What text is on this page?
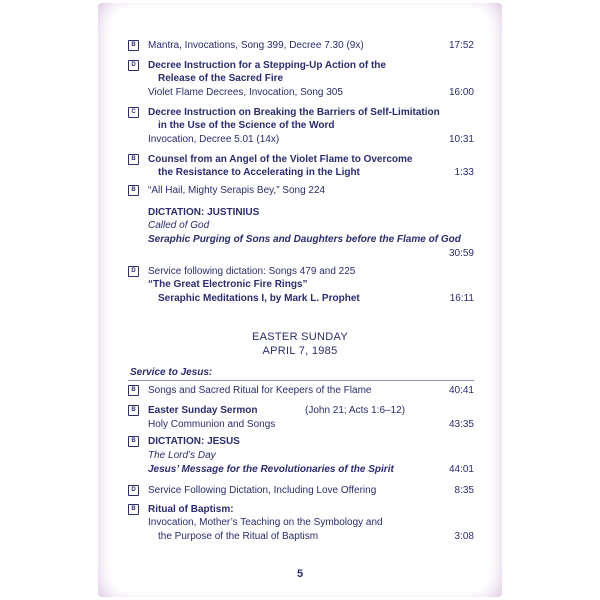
B	Mantra, Invocations, Song 399, Decree 7.30 (9x)	17:52
D	Decree Instruction for a Stepping-Up Action of the
Release of the Sacred Fire
Violet Flame Decrees, Invocation, Song 305	16:00
C	Decree Instruction on Breaking the Barriers of Self-Limitation
in the Use of the Science of the Word
Invocation, Decree 5.01 (14x)	10:31
B	Counsel from an Angel of the Violet Flame to Overcome
the Resistance to Accelerating in the Light	1:33
B	“All Hail, Mighty Serapis Bey,” Song 224
DICTATION: JUSTINIUS
Called of God
Seraphic Purging of Sons and Daughters before the Flame of God
30:59
D	Service following dictation: Songs 479 and 225
“The Great Electronic Fire Rings”
Seraphic Meditations I, by Mark L. Prophet	16:11
EASTER SUNDAY
APRIL 7, 1985
Service to Jesus:
B	Songs and Sacred Ritual for Keepers of the Flame	40:41
B	Easter Sunday Sermon	(John 21; Acts 1:6–12)
Holy Communion and Songs	43:35
B	DICTATION: JESUS
The Lord’s Day
Jesus’ Message for the Revolutionaries of the Spirit	44:01
D	Service Following Dictation, Including Love Offering	8:35
B	Ritual of Baptism:
Invocation, Mother’s Teaching on the Symbology and
the Purpose of the Ritual of Baptism	3:08
5
